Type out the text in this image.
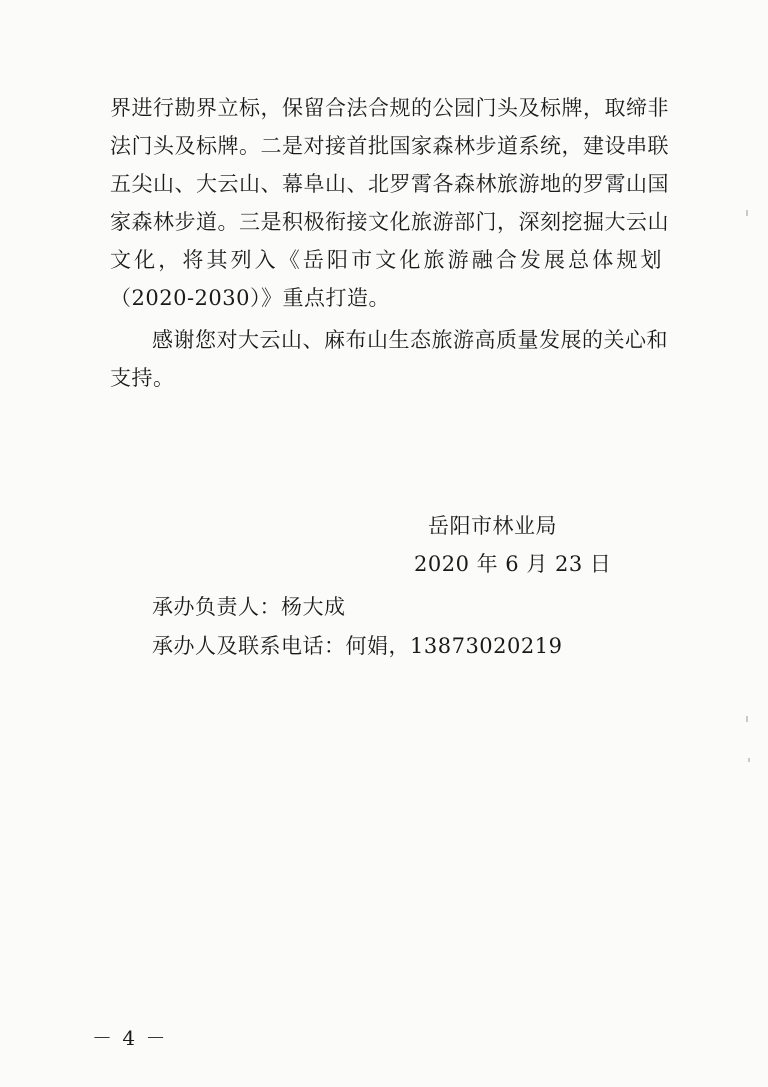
界进行勘界立标，保留合法合规的公园门头及标牌，取缔非
法门头及标牌。二是对接首批国家森林步道系统，建设串联
五尖山、大云山、幕阜山、北罗霄各森林旅游地的罗霄山国
家森林步道。三是积极衔接文化旅游部门，深刻挖掘大云山
文化，将其列入《岳阳市文化旅游融合发展总体规划
（2020-2030）》重点打造。
感谢您对大云山、麻布山生态旅游高质量发展的关心和
支持。
岳阳市林业局
2020 年 6 月 23 日
承办负责人：杨大成
承办人及联系电话：何娟，13873020219
－ 4 －
